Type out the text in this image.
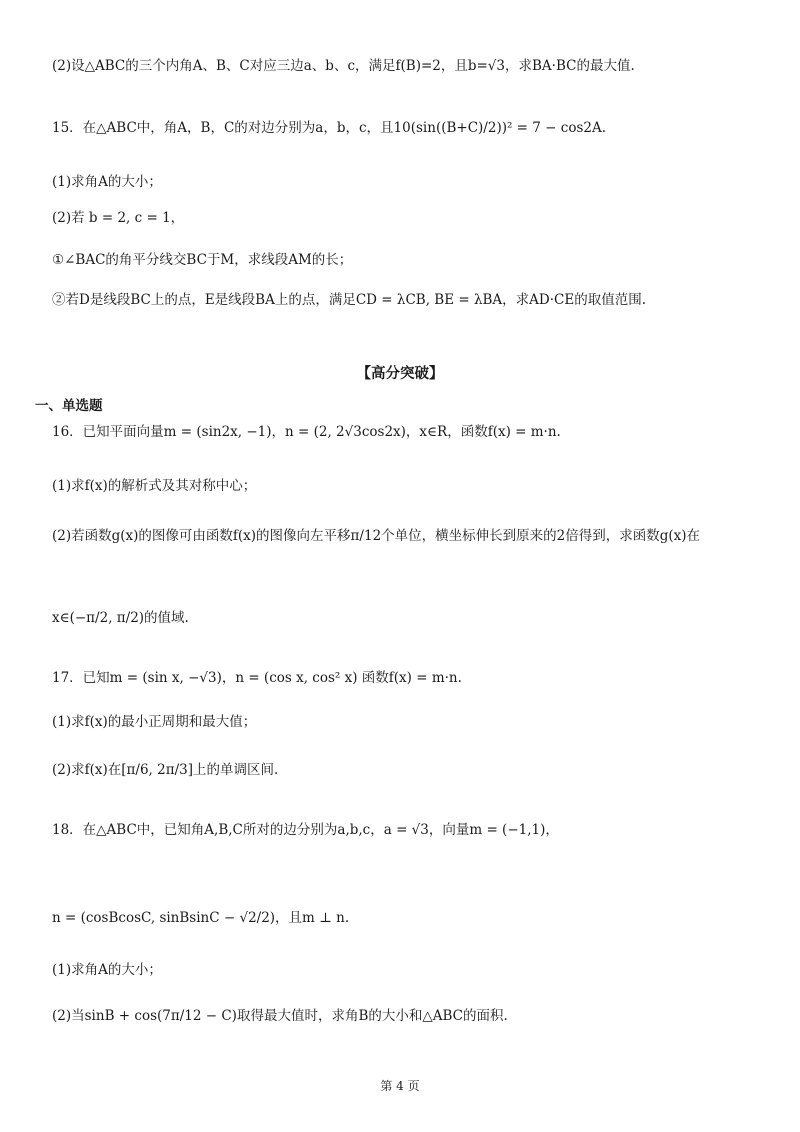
(2)设△ABC的三个内角A、B、C对应三边a、b、c，满足f(B)=2，且b=√3，求BA·BC的最大值.
15．在△ABC中，角A，B，C的对边分别为a，b，c，且10(sin((B+C)/2))² = 7 − cos2A.
(1)求角A的大小；
(2)若 b = 2, c = 1，
①∠BAC的角平分线交BC于M，求线段AM的长；
②若D是线段BC上的点，E是线段BA上的点，满足CD = λCB, BE = λBA，求AD·CE的取值范围.
【高分突破】
一、单选题
16．已知平面向量m = (sin2x, −1)，n = (2, 2√3cos2x)，x∈R，函数f(x) = m·n.
(1)求f(x)的解析式及其对称中心；
(2)若函数g(x)的图像可由函数f(x)的图像向左平移π/12个单位，横坐标伸长到原来的2倍得到，求函数g(x)在
x∈(−π/2, π/2)的值域.
17．已知m = (sin x, −√3)，n = (cos x, cos² x) 函数f(x) = m·n.
(1)求f(x)的最小正周期和最大值；
(2)求f(x)在[π/6, 2π/3]上的单调区间.
18．在△ABC中，已知角A,B,C所对的边分别为a,b,c，a = √3，向量m = (−1,1)，
n = (cosBcosC, sinBsinC − √2/2)，且m ⊥ n.
(1)求角A的大小；
(2)当sinB + cos(7π/12 − C)取得最大值时，求角B的大小和△ABC的面积.
第 4 页
